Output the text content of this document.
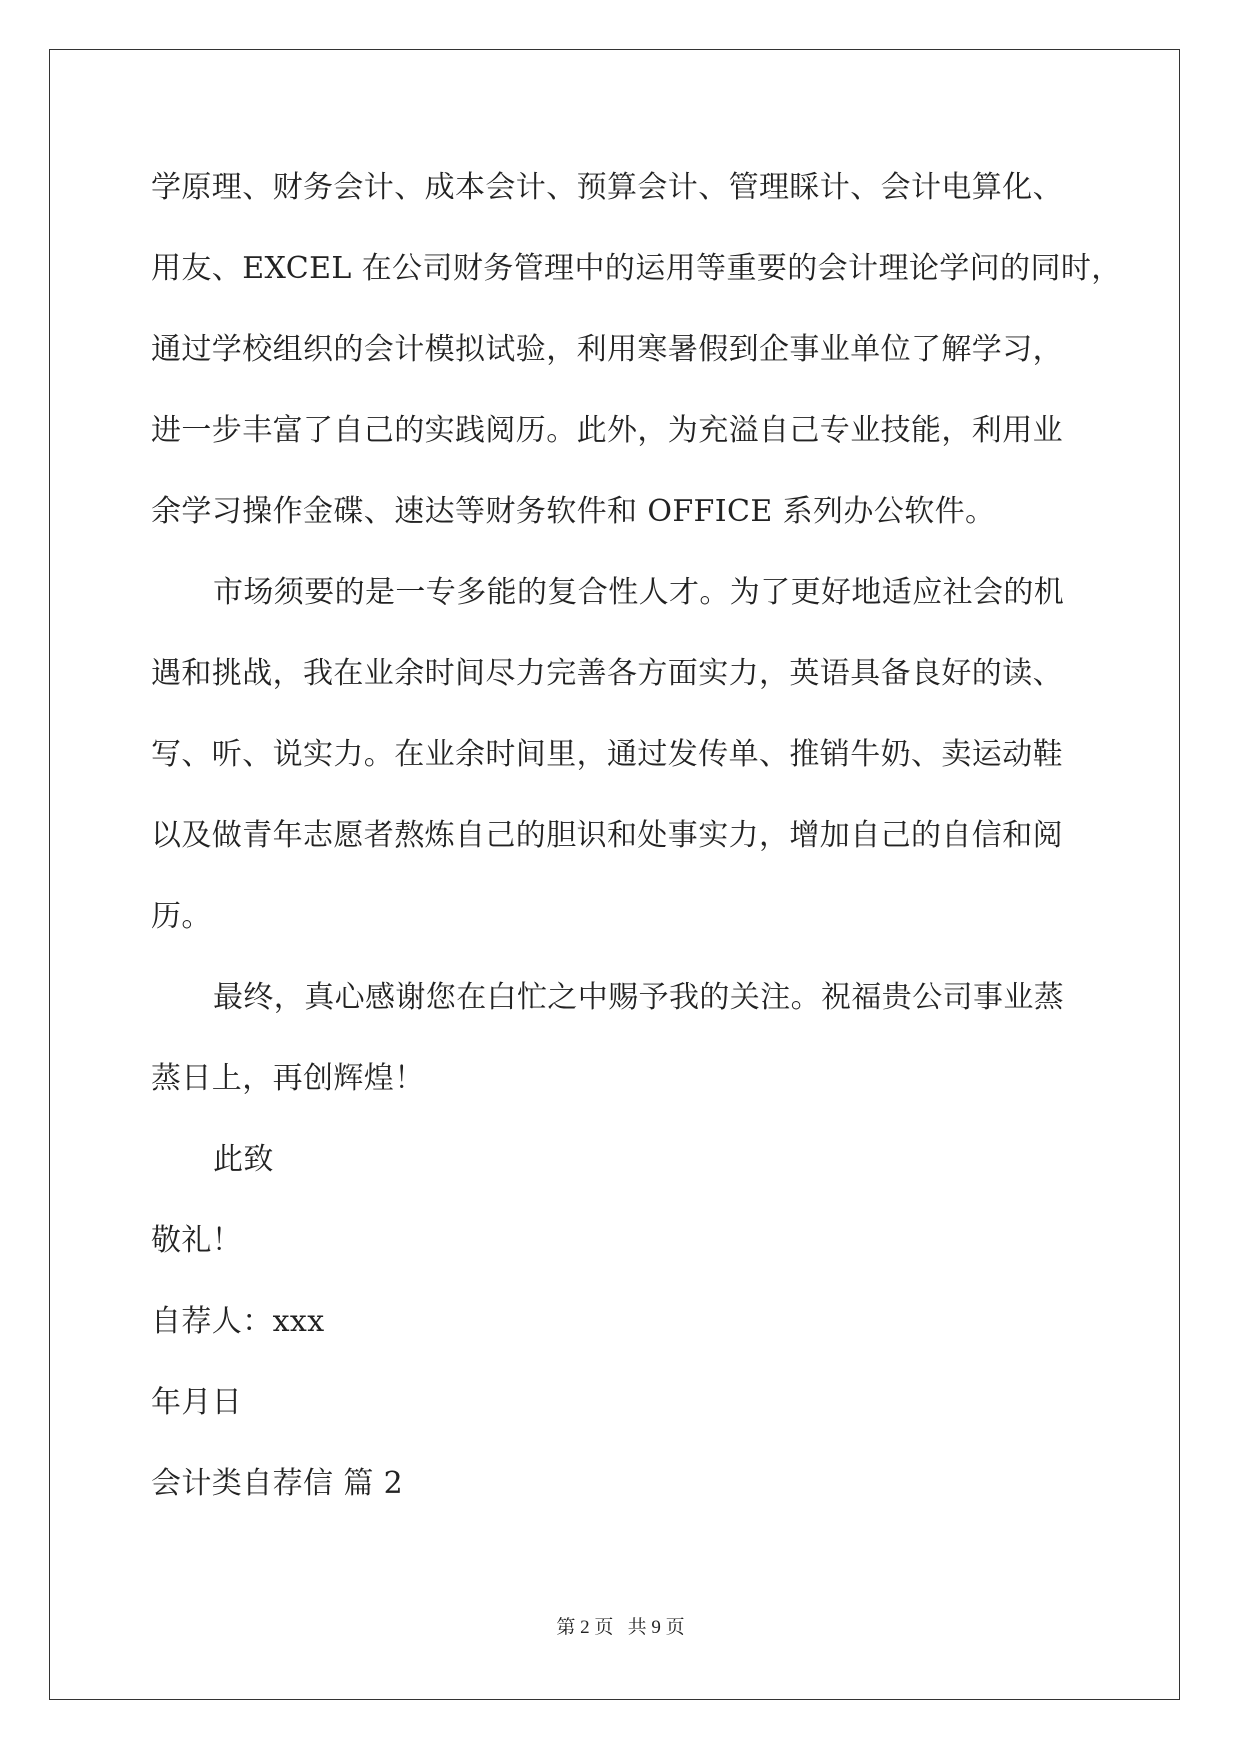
学原理、财务会计、成本会计、预算会计、管理睬计、会计电算化、
用友、EXCEL 在公司财务管理中的运用等重要的会计理论学问的同时，
通过学校组织的会计模拟试验，利用寒暑假到企事业单位了解学习，
进一步丰富了自己的实践阅历。此外，为充溢自己专业技能，利用业
余学习操作金碟、速达等财务软件和 OFFICE 系列办公软件。
市场须要的是一专多能的复合性人才。为了更好地适应社会的机
遇和挑战，我在业余时间尽力完善各方面实力，英语具备良好的读、
写、听、说实力。在业余时间里，通过发传单、推销牛奶、卖运动鞋
以及做青年志愿者熬炼自己的胆识和处事实力，增加自己的自信和阅
历。
最终，真心感谢您在白忙之中赐予我的关注。祝福贵公司事业蒸
蒸日上，再创辉煌！
此致
敬礼！
自荐人：xxx
年月日
会计类自荐信 篇 2
第 2 页   共 9 页
